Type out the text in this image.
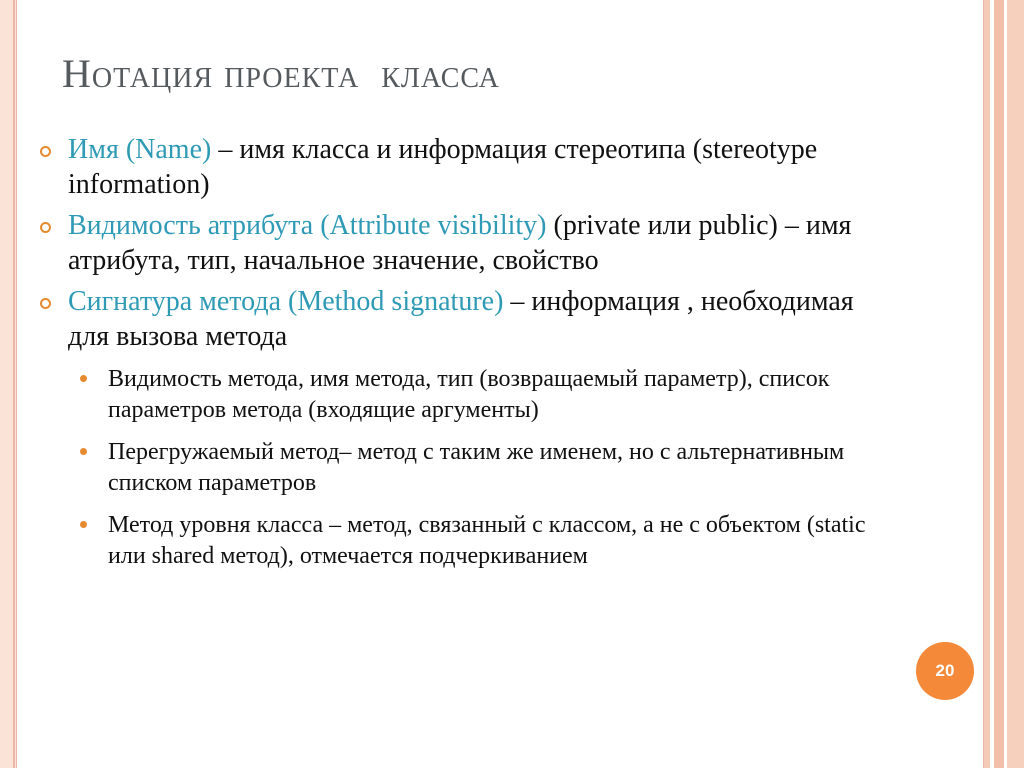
Нотация проекта  класса
Имя (Name) – имя класса и информация стереотипа (stereotype information)
Видимость атрибута (Attribute visibility) (private или public) – имя атрибута, тип, начальное значение, свойство
Сигнатура метода (Method signature) – информация , необходимая для вызова метода
Видимость метода, имя метода, тип (возвращаемый параметр), список параметров метода (входящие аргументы)
Перегружаемый метод– метод с таким же именем, но с альтернативным списком параметров
Метод уровня класса – метод, связанный с классом, а не с объектом (static или shared метод), отмечается подчеркиванием
20
